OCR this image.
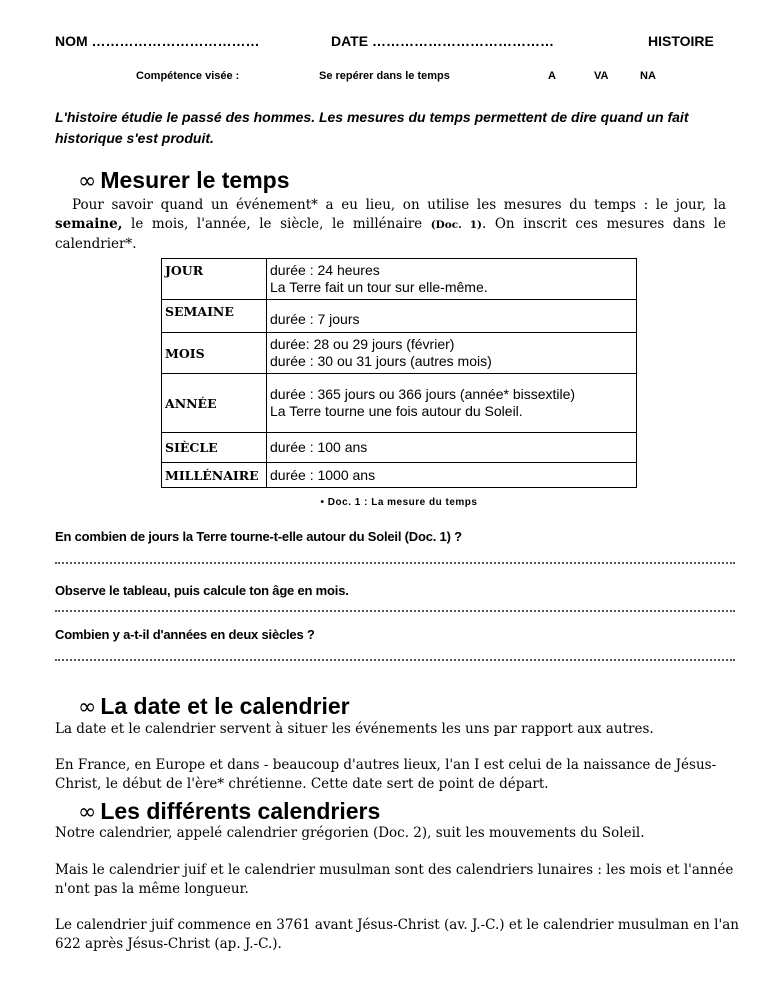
NOM ………………………………	DATE …………………………………	HISTOIRE
Compétence visée :	Se repérer dans le temps	A	VA	NA

L'histoire étudie le passé des hommes. Les mesures du temps permettent de dire quand un fait historique s'est produit.

∞ Mesurer le temps

Pour savoir quand un événement* a eu lieu, on utilise les mesures du temps : le jour, la semaine, le mois, l'année, le siècle, le millénaire (Doc. 1). On inscrit ces mesures dans le calendrier*.

JOUR	durée : 24 heures
La Terre fait un tour sur elle-même.

SEMAINE	durée : 7 jours
MOIS	durée: 28 ou 29 jours (février)
durée : 30 ou 31 jours (autres mois)

ANNÉE	durée : 365 jours ou 366 jours (année* bissextile)
La Terre tourne une fois autour du Soleil.

SIÈCLE	durée : 100 ans
MILLÉNAIRE	durée : 1000 ans
• Doc. 1 : La mesure du temps
En combien de jours la Terre tourne-t-elle autour du Soleil (Doc. 1) ?
Observe le tableau, puis calcule ton âge en mois.
Combien y a-t-il d'années en deux siècles ?
∞ La date et le calendrier

La date et le calendrier servent à situer les événements les uns par rapport aux autres.

En France, en Europe et dans - beaucoup d'autres lieux, l'an I est celui de la naissance de Jésus-Christ, le début de l'ère* chrétienne. Cette date sert de point de départ.

∞ Les différents calendriers

Notre calendrier, appelé calendrier grégorien (Doc. 2), suit les mouvements du Soleil.

Mais le calendrier juif et le calendrier musulman sont des calendriers lunaires : les mois et l'année n'ont pas la même longueur.

Le calendrier juif commence en 3761 avant Jésus-Christ (av. J.-C.) et le calendrier musulman en l'an 622 après Jésus-Christ (ap. J.-C.).
